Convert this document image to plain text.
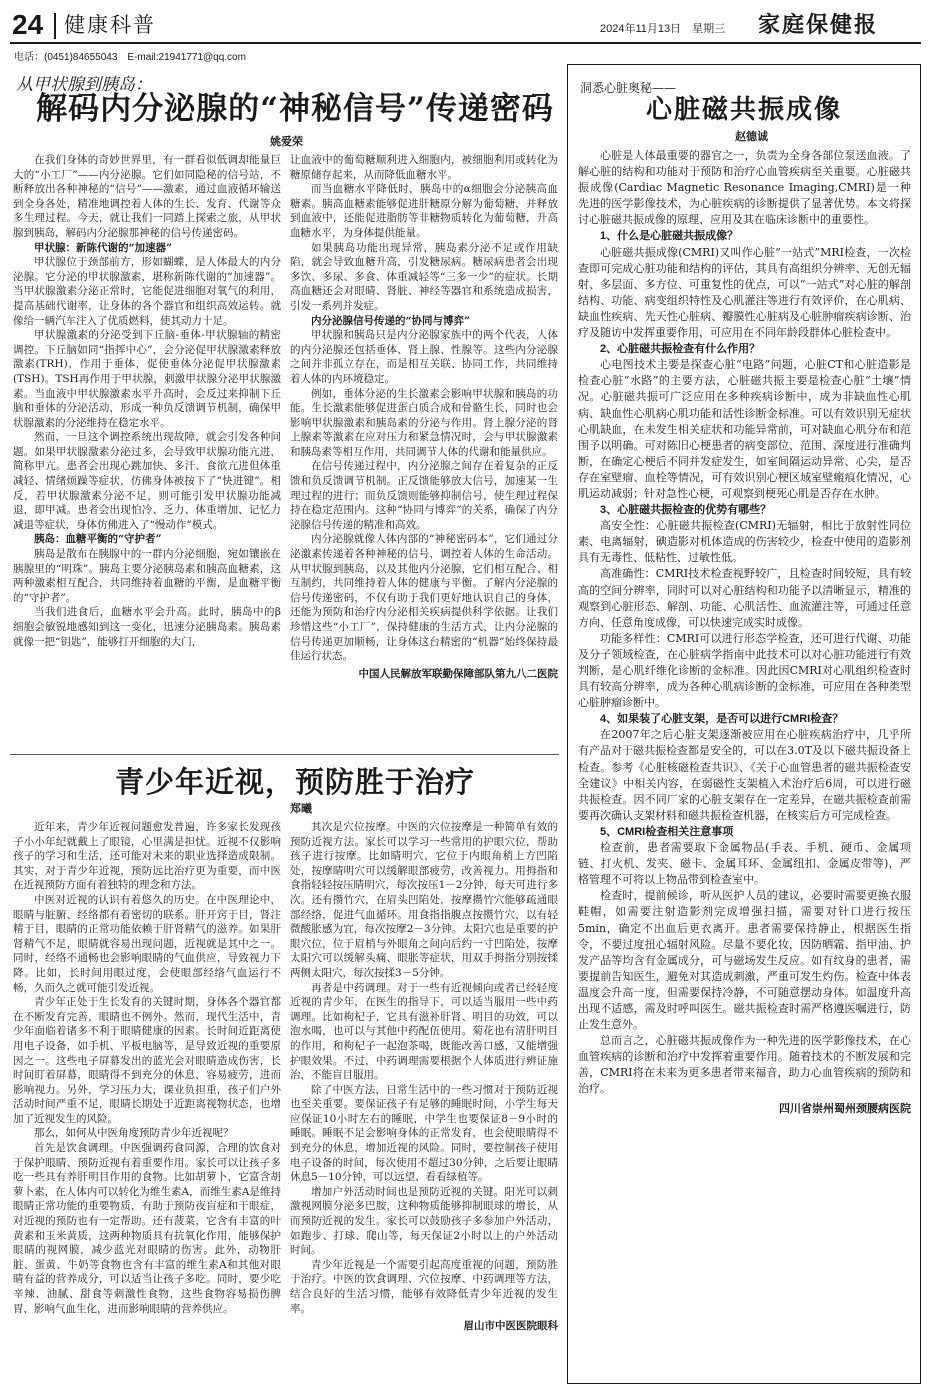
24 健康科普	2024年11月13日　星期三 家庭保健报
电话：(0451)84655043　E-mail:21941771@qq.com
从甲状腺到胰岛：
解码内分泌腺的“神秘信号”传递密码
姚爱荣

在我们身体的奇妙世界里，有一群看似低调却能量巨大的“小工厂”——内分泌腺。它们如同隐秘的信号站，不断释放出各种神秘的“信号”——激素，通过血液循环输送到全身各处，精准地调控着人体的生长、发育、代谢等众多生理过程。今天，就让我们一同踏上探索之旅，从甲状腺到胰岛，解码内分泌腺那神秘的信号传递密码。

甲状腺：新陈代谢的“加速器”

甲状腺位于颈部前方，形如蝴蝶，是人体最大的内分泌腺。它分泌的甲状腺激素，堪称新陈代谢的“加速器”。当甲状腺激素分泌正常时，它能促进细胞对氧气的利用，提高基础代谢率，让身体的各个器官和组织高效运转。就像给一辆汽车注入了优质燃料，使其动力十足。

甲状腺激素的分泌受到下丘脑-垂体-甲状腺轴的精密调控。下丘脑如同“指挥中心”，会分泌促甲状腺激素释放激素(TRH)，作用于垂体，促使垂体分泌促甲状腺激素(TSH)。TSH再作用于甲状腺，刺激甲状腺分泌甲状腺激素。当血液中甲状腺激素水平升高时，会反过来抑制下丘脑和垂体的分泌活动，形成一种负反馈调节机制，确保甲状腺激素的分泌维持在稳定水平。

然而，一旦这个调控系统出现故障，就会引发各种问题。如果甲状腺激素分泌过多，会导致甲状腺功能亢进，简称甲亢。患者会出现心跳加快、多汗、食欲亢进但体重减轻、情绪烦躁等症状，仿佛身体被按下了“快进键”。相反，若甲状腺激素分泌不足，则可能引发甲状腺功能减退，即甲减。患者会出现怕冷、乏力、体重增加、记忆力减退等症状，身体仿佛进入了“慢动作”模式。

胰岛：血糖平衡的“守护者”

胰岛是散布在胰腺中的一群内分泌细胞，宛如镶嵌在胰腺里的“明珠”。胰岛主要分泌胰岛素和胰高血糖素，这两种激素相互配合，共同维持着血糖的平衡，是血糖平衡的“守护者”。

当我们进食后，血糖水平会升高。此时，胰岛中的β细胞会敏锐地感知到这一变化，迅速分泌胰岛素。胰岛素就像一把“钥匙”，能够打开细胞的大门，

让血液中的葡萄糖顺利进入细胞内，被细胞利用或转化为糖原储存起来，从而降低血糖水平。

而当血糖水平降低时，胰岛中的α细胞会分泌胰高血糖素。胰高血糖素能够促进肝糖原分解为葡萄糖，并释放到血液中，还能促进脂肪等非糖物质转化为葡萄糖，升高血糖水平，为身体提供能量。

如果胰岛功能出现异常，胰岛素分泌不足或作用缺陷，就会导致血糖升高，引发糖尿病。糖尿病患者会出现多饮、多尿、多食、体重减轻等“三多一少”的症状。长期高血糖还会对眼睛、肾脏、神经等器官和系统造成损害，引发一系列并发症。

内分泌腺信号传递的“协同与博弈”

甲状腺和胰岛只是内分泌腺家族中的两个代表，人体的内分泌腺还包括垂体、肾上腺、性腺等。这些内分泌腺之间并非孤立存在，而是相互关联、协同工作，共同维持着人体的内环境稳定。

例如，垂体分泌的生长激素会影响甲状腺和胰岛的功能。生长激素能够促进蛋白质合成和骨骼生长，同时也会影响甲状腺激素和胰岛素的分泌与作用。肾上腺分泌的肾上腺素等激素在应对压力和紧急情况时，会与甲状腺激素和胰岛素等相互作用，共同调节人体的代谢和能量供应。

在信号传递过程中，内分泌腺之间存在着复杂的正反馈和负反馈调节机制。正反馈能够放大信号，加速某一生理过程的进行；而负反馈则能够抑制信号，使生理过程保持在稳定范围内。这种“协同与博弈”的关系，确保了内分泌腺信号传递的精准和高效。

内分泌腺就像人体内部的“神秘密码本”，它们通过分泌激素传递着各种神秘的信号，调控着人体的生命活动。从甲状腺到胰岛，以及其他内分泌腺，它们相互配合、相互制约，共同维持着人体的健康与平衡。了解内分泌腺的信号传递密码，不仅有助于我们更好地认识自己的身体，还能为预防和治疗内分泌相关疾病提供科学依据。让我们珍惜这些“小工厂”，保持健康的生活方式，让内分泌腺的信号传递更加顺畅，让身体这台精密的“机器”始终保持最佳运行状态。

中国人民解放军联勤保障部队第九八二医院

青少年近视，预防胜于治疗
郑曦

近年来，青少年近视问题愈发普遍，许多家长发现孩子小小年纪就戴上了眼镜，心里满是担忧。近视不仅影响孩子的学习和生活，还可能对未来的职业选择造成限制。其实，对于青少年近视，预防远比治疗更为重要，而中医在近视预防方面有着独特的理念和方法。

中医对近视的认识有着悠久的历史。在中医理论中，眼睛与脏腑、经络都有着密切的联系。肝开窍于目，肾注精于目，眼睛的正常功能依赖于肝肾精气的滋养。如果肝肾精气不足，眼睛就容易出现问题，近视就是其中之一。同时，经络不通畅也会影响眼睛的气血供应，导致视力下降。比如，长时间用眼过度，会使眼部经络气血运行不畅，久而久之就可能引发近视。

青少年正处于生长发育的关键时期，身体各个器官都在不断发育完善，眼睛也不例外。然而，现代生活中，青少年面临着诸多不利于眼睛健康的因素。长时间近距离使用电子设备，如手机、平板电脑等，是导致近视的重要原因之一。这些电子屏幕发出的蓝光会对眼睛造成伤害，长时间盯着屏幕，眼睛得不到充分的休息，容易疲劳，进而影响视力。另外，学习压力大，课业负担重，孩子们户外活动时间严重不足，眼睛长期处于近距离视物状态，也增加了近视发生的风险。

那么，如何从中医角度预防青少年近视呢？

首先是饮食调理。中医强调药食同源，合理的饮食对于保护眼睛、预防近视有着重要作用。家长可以让孩子多吃一些具有养肝明目作用的食物。比如胡萝卜，它富含胡萝卜素，在人体内可以转化为维生素A，而维生素A是维持眼睛正常功能的重要物质，有助于预防夜盲症和干眼症，对近视的预防也有一定帮助。还有菠菜，它含有丰富的叶黄素和玉米黄质，这两种物质具有抗氧化作用，能够保护眼睛的视网膜，减少蓝光对眼睛的伤害。此外，动物肝脏、蛋黄、牛奶等食物也含有丰富的维生素A和其他对眼睛有益的营养成分，可以适当让孩子多吃。同时，要少吃辛辣、油腻、甜食等刺激性食物，这些食物容易损伤脾胃，影响气血生化，进而影响眼睛的营养供应。

其次是穴位按摩。中医的穴位按摩是一种简单有效的预防近视方法。家长可以学习一些常用的护眼穴位，帮助孩子进行按摩。比如睛明穴，它位于内眼角稍上方凹陷处，按摩睛明穴可以缓解眼部疲劳，改善视力。用拇指和食指轻轻按压睛明穴，每次按压1－2分钟，每天可进行多次。还有攒竹穴，在眉头凹陷处，按摩攒竹穴能够疏通眼部经络，促进气血循环。用食指指腹点按攒竹穴，以有轻微酸胀感为宜，每次按摩2－3分钟。太阳穴也是重要的护眼穴位，位于眉梢与外眼角之间向后约一寸凹陷处，按摩太阳穴可以缓解头痛、眼胀等症状，用双手拇指分别按揉两侧太阳穴，每次按揉3－5分钟。

再者是中药调理。对于一些有近视倾向或者已经轻度近视的青少年，在医生的指导下，可以适当服用一些中药调理。比如枸杞子，它具有滋补肝肾、明目的功效，可以泡水喝，也可以与其他中药配伍使用。菊花也有清肝明目的作用，和枸杞子一起泡茶喝，既能改善口感，又能增强护眼效果。不过，中药调理需要根据个人体质进行辨证施治，不能盲目服用。

除了中医方法，日常生活中的一些习惯对于预防近视也至关重要。要保证孩子有足够的睡眠时间，小学生每天应保证10小时左右的睡眠，中学生也要保证8－9小时的睡眠。睡眠不足会影响身体的正常发育，也会使眼睛得不到充分的休息，增加近视的风险。同时，要控制孩子使用电子设备的时间，每次使用不超过30分钟，之后要让眼睛休息5－10分钟，可以远望、看看绿植等。

增加户外活动时间也是预防近视的关键。阳光可以刺激视网膜分泌多巴胺，这种物质能够抑制眼球的增长，从而预防近视的发生。家长可以鼓励孩子多参加户外活动，如跑步、打球、爬山等，每天保证2小时以上的户外活动时间。

青少年近视是一个需要引起高度重视的问题，预防胜于治疗。中医的饮食调理、穴位按摩、中药调理等方法，结合良好的生活习惯，能够有效降低青少年近视的发生率。

眉山市中医医院眼科

洞悉心脏奥秘——
心脏磁共振成像
赵德诚

心脏是人体最重要的器官之一，负责为全身各部位泵送血液。了解心脏的结构和功能对于预防和治疗心血管疾病至关重要。心脏磁共振成像(Cardiac Magnetic Resonance Imaging,CMRI)是一种先进的医学影像技术，为心脏疾病的诊断提供了显著优势。本文将探讨心脏磁共振成像的原理、应用及其在临床诊断中的重要性。

1、什么是心脏磁共振成像？

心脏磁共振成像(CMRI)又叫作心脏“一站式”MRI检查，一次检查即可完成心脏功能和结构的评估，其具有高组织分辨率、无创无辐射、多层面、多方位、可重复性的优点，可以“一站式”对心脏的解剖结构、功能、病变组织特性及心肌灌注等进行有效评价，在心肌病、缺血性疾病、先天性心脏病、瓣膜性心脏病及心脏肿瘤疾病诊断、治疗及随访中发挥重要作用，可应用在不同年龄段群体心脏检查中。

2、心脏磁共振检查有什么作用？

心电图技术主要是探查心脏“电路”问题，心脏CT和心脏造影是检查心脏“水路”的主要方法，心脏磁共振主要是检查心脏“土壤”情况。心脏磁共振可广泛应用在多种疾病诊断中，成为非缺血性心肌病、缺血性心肌病心肌功能和活性诊断金标准。可以有效识别无症状心肌缺血，在未发生相关症状和功能异常前，可对缺血心肌分布和范围予以明确。可对陈旧心梗患者的病变部位、范围、深度进行准确判断，在确定心梗后不同并发症发生，如室间隔运动异常、心尖，是否存在室壁瘤、血栓等情况，可有效识别心梗区域室壁瘢痕化情况，心肌运动减弱；针对急性心梗，可观察到梗死心肌是否存在水肿。

3、心脏磁共振检查的优势有哪些？

高安全性：心脏磁共振检查(CMRI)无辐射，相比于放射性同位素、电离辐射，碘造影对机体造成的伤害较少，检查中使用的造影剂具有无毒性、低粘性、过敏性低。

高准确性：CMRI技术检查视野较广，且检查时间较短，具有较高的空间分辨率，同时可以对心脏结构和功能予以清晰显示，精准的观察到心脏形态、解剖、功能、心肌活性、血流灌注等，可通过任意方向、任意角度成像，可以快速完成实时成像。

功能多样性：CMRI可以进行形态学检查，还可进行代谢、功能及分子领域检查，在心脏病学指南中此技术可以对心脏功能进行有效判断，是心肌纤维化诊断的金标准。因此因CMRI对心肌组织检查时具有较高分辨率，成为各种心肌病诊断的金标准，可应用在各种类型心脏肿瘤诊断中。

4、如果装了心脏支架，是否可以进行CMRI检查？

在2007年之后心脏支架逐渐被应用在心脏疾病治疗中，几乎所有产品对于磁共振检查都是安全的，可以在3.0T及以下磁共振设备上检查。参考《心脏核磁检查共识》、《关于心血管患者的磁共振检查安全建议》中相关内容，在弱磁性支架植入术治疗后6周，可以进行磁共振检查。因不同厂家的心脏支架存在一定差异，在磁共振检查前需要再次确认支架材料和磁共振检查机器，在核实后方可完成检查。

5、CMRI检查相关注意事项

检查前，患者需要取下金属物品(手表、手机、硬币、金属项链、打火机、发夹、磁卡、金属耳环、金属纽扣、金属皮带等)，严格管理不可将以上物品带到检查室中。

检查时，提前候诊，听从医护人员的建议，必要时需要更换衣服鞋帽，如需要注射造影剂完成增强扫描，需要对针口进行按压5min，确定不出血后更衣离开。患者需要保持静止，根据医生指令，不要过度扭心辐射风险。尽量不要化妆，因防晒霜、指甲油、护发产品等均含有金属成分，可与磁场发生反应。如有纹身的患者，需要提前告知医生，避免对其造成刺激，严重可发生灼伤。检查中体表温度会升高一度，但需要保持冷静，不可随意摆动身体。如温度升高出现不适感，需及时呼叫医生。磁共振检查时需严格遵医嘱进行，防止发生意外。

总而言之，心脏磁共振成像作为一种先进的医学影像技术，在心血管疾病的诊断和治疗中发挥着重要作用。随着技术的不断发展和完善，CMRI将在未来为更多患者带来福音，助力心血管疾病的预防和治疗。

四川省崇州蜀州颈腰病医院
